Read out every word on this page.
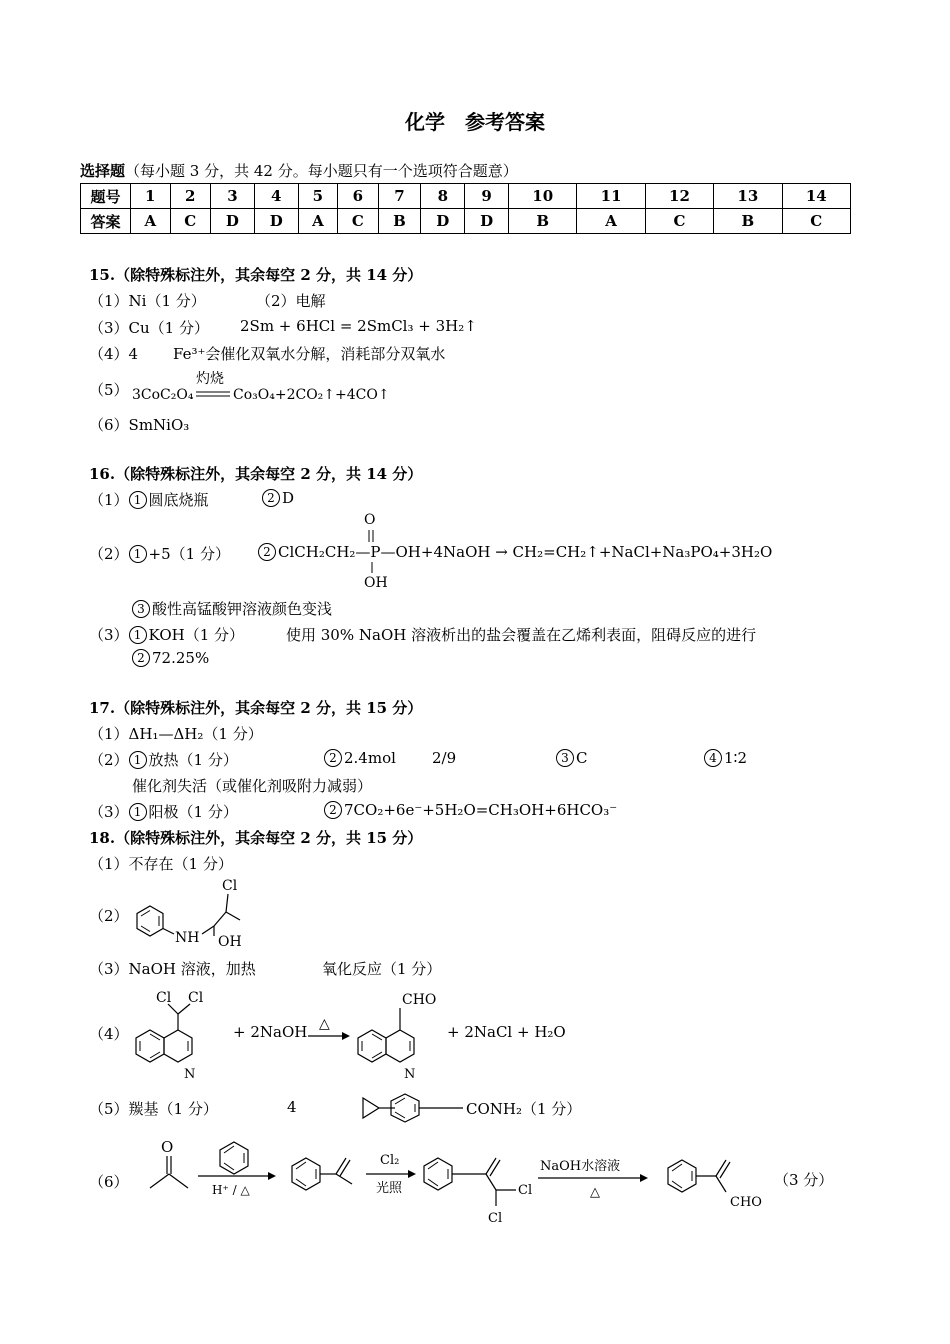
化学　参考答案
选择题（每小题 3 分，共 42 分。每小题只有一个选项符合题意）
题号	1	2	3	4	5	6	7	8	9	10	11	12	13	14
答案	A	C	D	D	A	C	B	D	D	B	A	C	B	C
15.（除特殊标注外，其余每空 2 分，共 14 分）
（1）Ni（1 分）	（2）电解
（3）Cu（1 分） 2Sm + 6HCl = 2SmCl₃ + 3H₂↑
（4）4 Fe³⁺会催化双氧水分解，消耗部分双氧水
（5） 3CoC₂O₄
灼烧
Co₃O₄+2CO₂↑+4CO↑
（6）SmNiO₃
16.（除特殊标注外，其余每空 2 分，共 14 分）
（1） 1 圆底烧瓶	2 D
（2） 1 +5（1 分）	2 ClCH₂CH₂—P—OH+4NaOH → CH₂=CH₂↑+NaCl+Na₃PO₄+3H₂O
O
OH
3 酸性高锰酸钾溶液颜色变浅
（3） 1 KOH（1 分）	使用 30% NaOH 溶液析出的盐会覆盖在乙烯利表面，阻碍反应的进行
2 72.25%
17.（除特殊标注外，其余每空 2 分，共 15 分）
（1）ΔH₁—ΔH₂（1 分）
（2） 1 放热（1 分）	2 2.4mol 2/9	3 C	4 1∶2
催化剂失活（或催化剂吸附力减弱）
（3） 1 阳极（1 分）	2 7CO₂+6e⁻+5H₂O=CH₃OH+6HCO₃⁻
18.（除特殊标注外，其余每空 2 分，共 15 分）
（1）不存在（1 分）
（2）
NH OH
Cl
（3）NaOH 溶液，加热	氧化反应（1 分）
（4）
Cl Cl
N
+ 2NaOH △
CHO
N
+ 2NaCl + H₂O
（5）羰基（1 分）	4	CONH₂（1 分）
（6）
O
H⁺ / △
Cl₂
光照	Cl
Cl
NaOH水溶液
△
CHO
（3 分）
